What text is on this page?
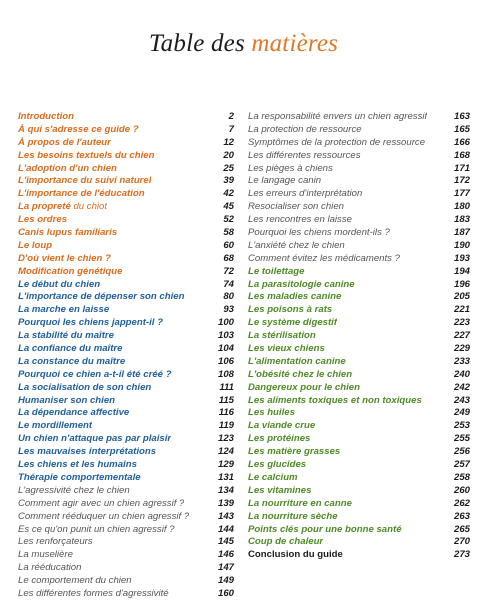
Table des matières
Introduction	2
À qui s'adresse ce guide ?	7
À propos de l'auteur	12
Les besoins textuels du chien	20
L'adoption d'un chien	25
L'importance du suivi naturel	39
L'importance de l'éducation	42
La propreté du chiot	45
Les ordres	52
Canis lupus familiaris	58
Le loup	60
D'où vient le chien ?	68
Modification génétique	72
Le début du chien	74
L'importance de dépenser son chien	80
La marche en laisse	93
Pourquoi les chiens jappent-il ?	100
La stabilité du maître	103
La confiance du maître	104
La constance du maître	106
Pourquoi ce chien a-t-il été créé ?	108
La socialisation de son chien	111
Humaniser son chien	115
La dépendance affective	116
Le mordillement	119
Un chien n'attaque pas par plaisir	123
Les mauvaises interprétations	124
Les chiens et les humains	129
Thérapie comportementale	131
L'agressivité chez le chien	134
Comment agir avec un chien agressif ?	139
Comment rééduquer un chien agressif ?	143
Es ce qu'on punit un chien agressif ?	144
Les renforçateurs	145
La muselière	146
La rééducation	147
Le comportement du chien	149
Les différentes formes d'agressivité	160
La responsabilité envers un chien agressif	163
La protection de ressource	165
Symptômes de la protection de ressource	166
Les différentes ressources	168
Les pièges à chiens	171
Le langage canin	172
Les erreurs d'interprétation	177
Resocialiser son chien	180
Les rencontres en laisse	183
Pourquoi les chiens mordent-ils ?	187
L'anxiété chez le chien	190
Comment évitez les médicaments ?	193
Le toilettage	194
La parasitologie canine	196
Les maladies canine	205
Les poisons à rats	221
Le système digestif	223
La stérilisation	227
Les vieux chiens	229
L'alimentation canine	233
L'obésité chez le chien	240
Dangereux pour le chien	242
Les aliments toxiques et non toxiques	243
Les huiles	249
La viande crue	253
Les protéines	255
Les matière grasses	256
Les glucides	257
Le calcium	258
Les vitamines	260
La nourriture en canne	262
La nourriture sèche	263
Points clés pour une bonne santé	265
Coup de chaleur	270
Conclusion du guide	273
